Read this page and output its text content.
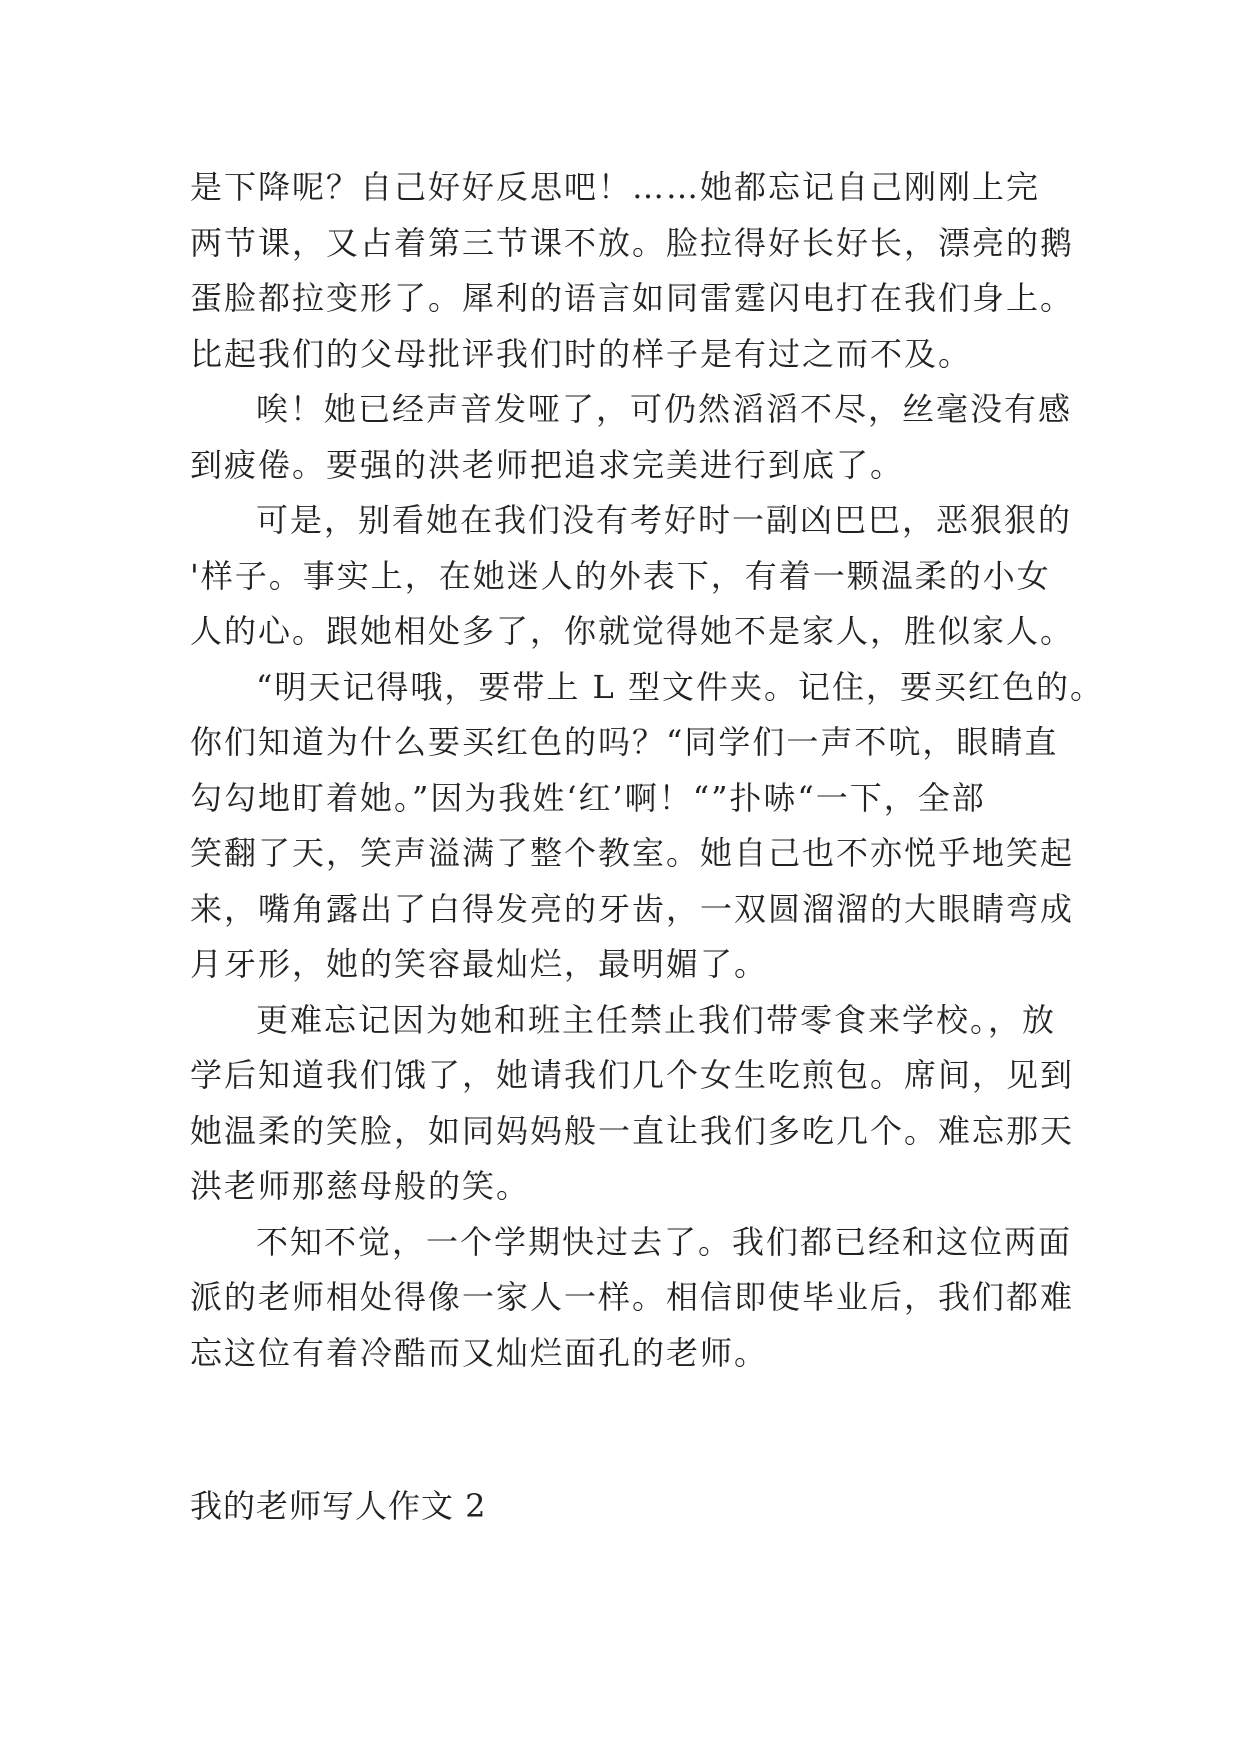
是下降呢？自己好好反思吧！……她都忘记自己刚刚上完
两节课，又占着第三节课不放。脸拉得好长好长，漂亮的鹅
蛋脸都拉变形了。犀利的语言如同雷霆闪电打在我们身上。
比起我们的父母批评我们时的样子是有过之而不及。
唉！她已经声音发哑了，可仍然滔滔不尽，丝毫没有感
到疲倦。要强的洪老师把追求完美进行到底了。
可是，别看她在我们没有考好时一副凶巴巴，恶狠狠的
'样子。事实上，在她迷人的外表下，有着一颗温柔的小女
人的心。跟她相处多了，你就觉得她不是家人，胜似家人。
“明天记得哦，要带上 L 型文件夹。记住，要买红色的。
你们知道为什么要买红色的吗？“同学们一声不吭，眼睛直
勾勾地盯着她。”因为我姓‘红’啊！“”扑哧“一下，全部
笑翻了天，笑声溢满了整个教室。她自己也不亦悦乎地笑起
来，嘴角露出了白得发亮的牙齿，一双圆溜溜的大眼睛弯成
月牙形，她的笑容最灿烂，最明媚了。
更难忘记因为她和班主任禁止我们带零食来学校。，放
学后知道我们饿了，她请我们几个女生吃煎包。席间，见到
她温柔的笑脸，如同妈妈般一直让我们多吃几个。难忘那天
洪老师那慈母般的笑。
不知不觉，一个学期快过去了。我们都已经和这位两面
派的老师相处得像一家人一样。相信即使毕业后，我们都难
忘这位有着冷酷而又灿烂面孔的老师。
我的老师写人作文 2
